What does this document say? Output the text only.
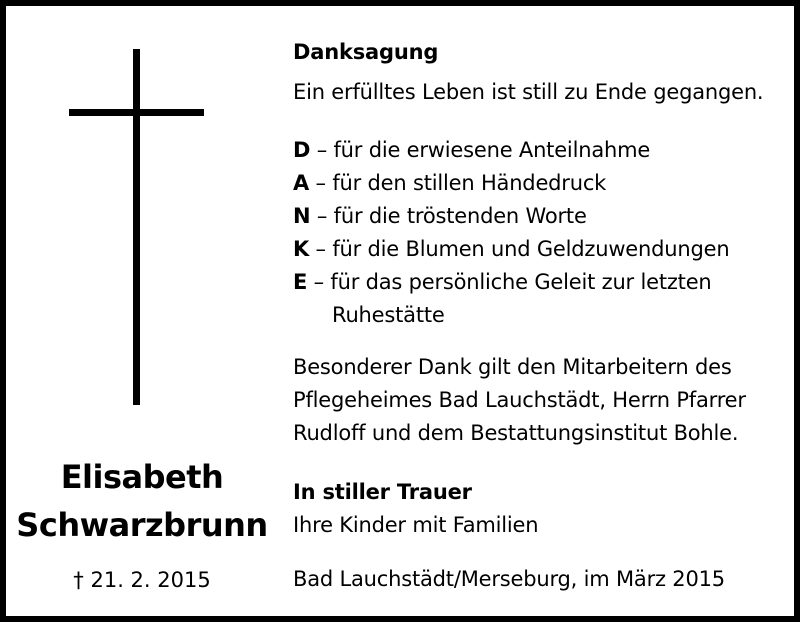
Elisabeth
Schwarzbrunn
† 21. 2. 2015
Danksagung
Ein erfülltes Leben ist still zu Ende gegangen.
D – für die erwiesene Anteilnahme
A – für den stillen Händedruck
N – für die tröstenden Worte
K – für die Blumen und Geldzuwendungen
E – für das persönliche Geleit zur letzten
Ruhestätte
Besonderer Dank gilt den Mitarbeitern des
Pflegeheimes Bad Lauchstädt, Herrn Pfarrer
Rudloff und dem Bestattungsinstitut Bohle.
In stiller Trauer
Ihre Kinder mit Familien
Bad Lauchstädt/Merseburg, im März 2015
